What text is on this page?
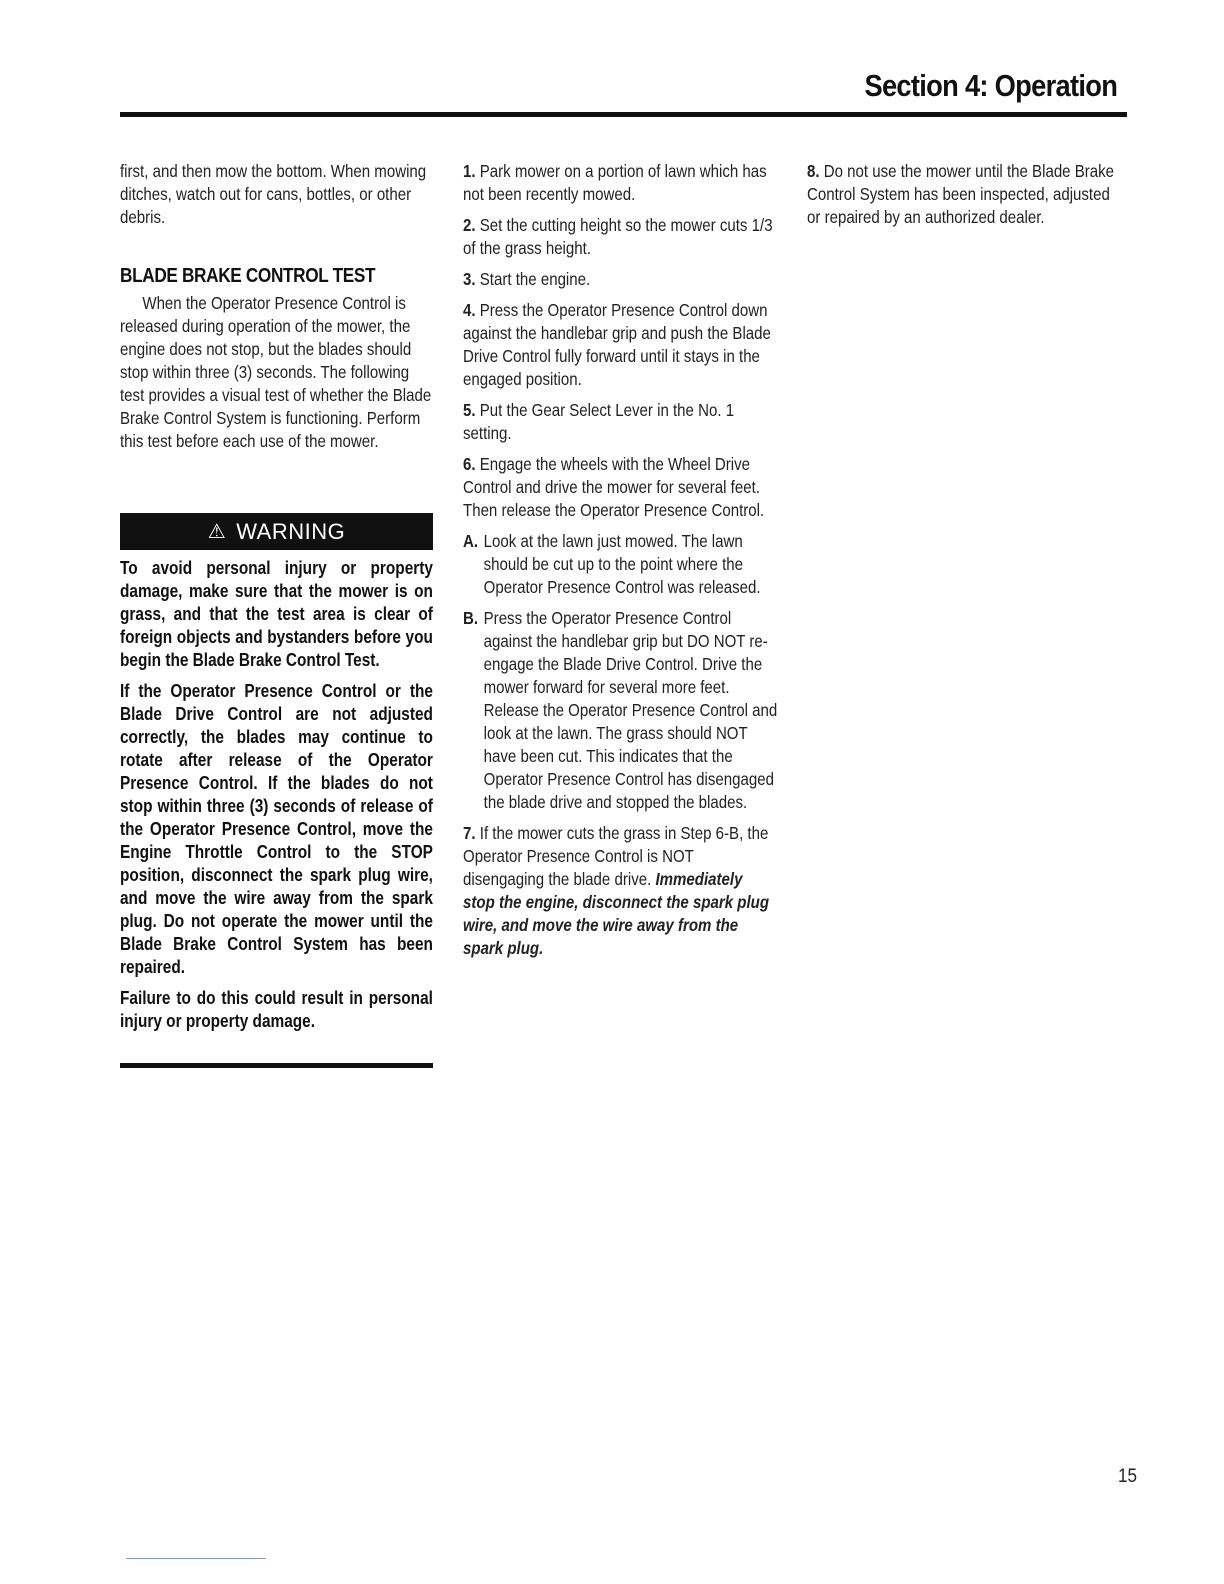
Section 4: Operation

first, and then mow the bottom. When mowing ditches, watch out for cans, bottles, or other debris.

BLADE BRAKE CONTROL TEST

When the Operator Presence Control is released during operation of the mower, the engine does not stop, but the blades should stop within three (3) seconds. The following test provides a visual test of whether the Blade Brake Control System is functioning. Perform this test before each use of the mower.

⚠ WARNING

To avoid personal injury or property damage, make sure that the mower is on grass, and that the test area is clear of foreign objects and bystanders before you begin the Blade Brake Control Test.

If the Operator Presence Control or the Blade Drive Control are not adjusted correctly, the blades may continue to rotate after release of the Operator Presence Control. If the blades do not stop within three (3) seconds of release of the Operator Presence Control, move the Engine Throttle Control to the STOP position, disconnect the spark plug wire, and move the wire away from the spark plug. Do not operate the mower until the Blade Brake Control System has been repaired.

Failure to do this could result in personal injury or property damage.

1. Park mower on a portion of lawn which has not been recently mowed.

2. Set the cutting height so the mower cuts 1/3 of the grass height.

3. Start the engine.

4. Press the Operator Presence Control down against the handlebar grip and push the Blade Drive Control fully forward until it stays in the engaged position.

5. Put the Gear Select Lever in the No. 1 setting.

6. Engage the wheels with the Wheel Drive Control and drive the mower for several feet. Then release the Operator Presence Control.

A. Look at the lawn just mowed. The lawn should be cut up to the point where the Operator Presence Control was released.

B. Press the Operator Presence Control against the handlebar grip but DO NOT re-engage the Blade Drive Control. Drive the mower forward for several more feet. Release the Operator Presence Control and look at the lawn. The grass should NOT have been cut. This indicates that the Operator Presence Control has disengaged the blade drive and stopped the blades.

7. If the mower cuts the grass in Step 6-B, the Operator Presence Control is NOT disengaging the blade drive. Immediately stop the engine, disconnect the spark plug wire, and move the wire away from the spark plug.

8. Do not use the mower until the Blade Brake Control System has been inspected, adjusted or repaired by an authorized dealer.

15
